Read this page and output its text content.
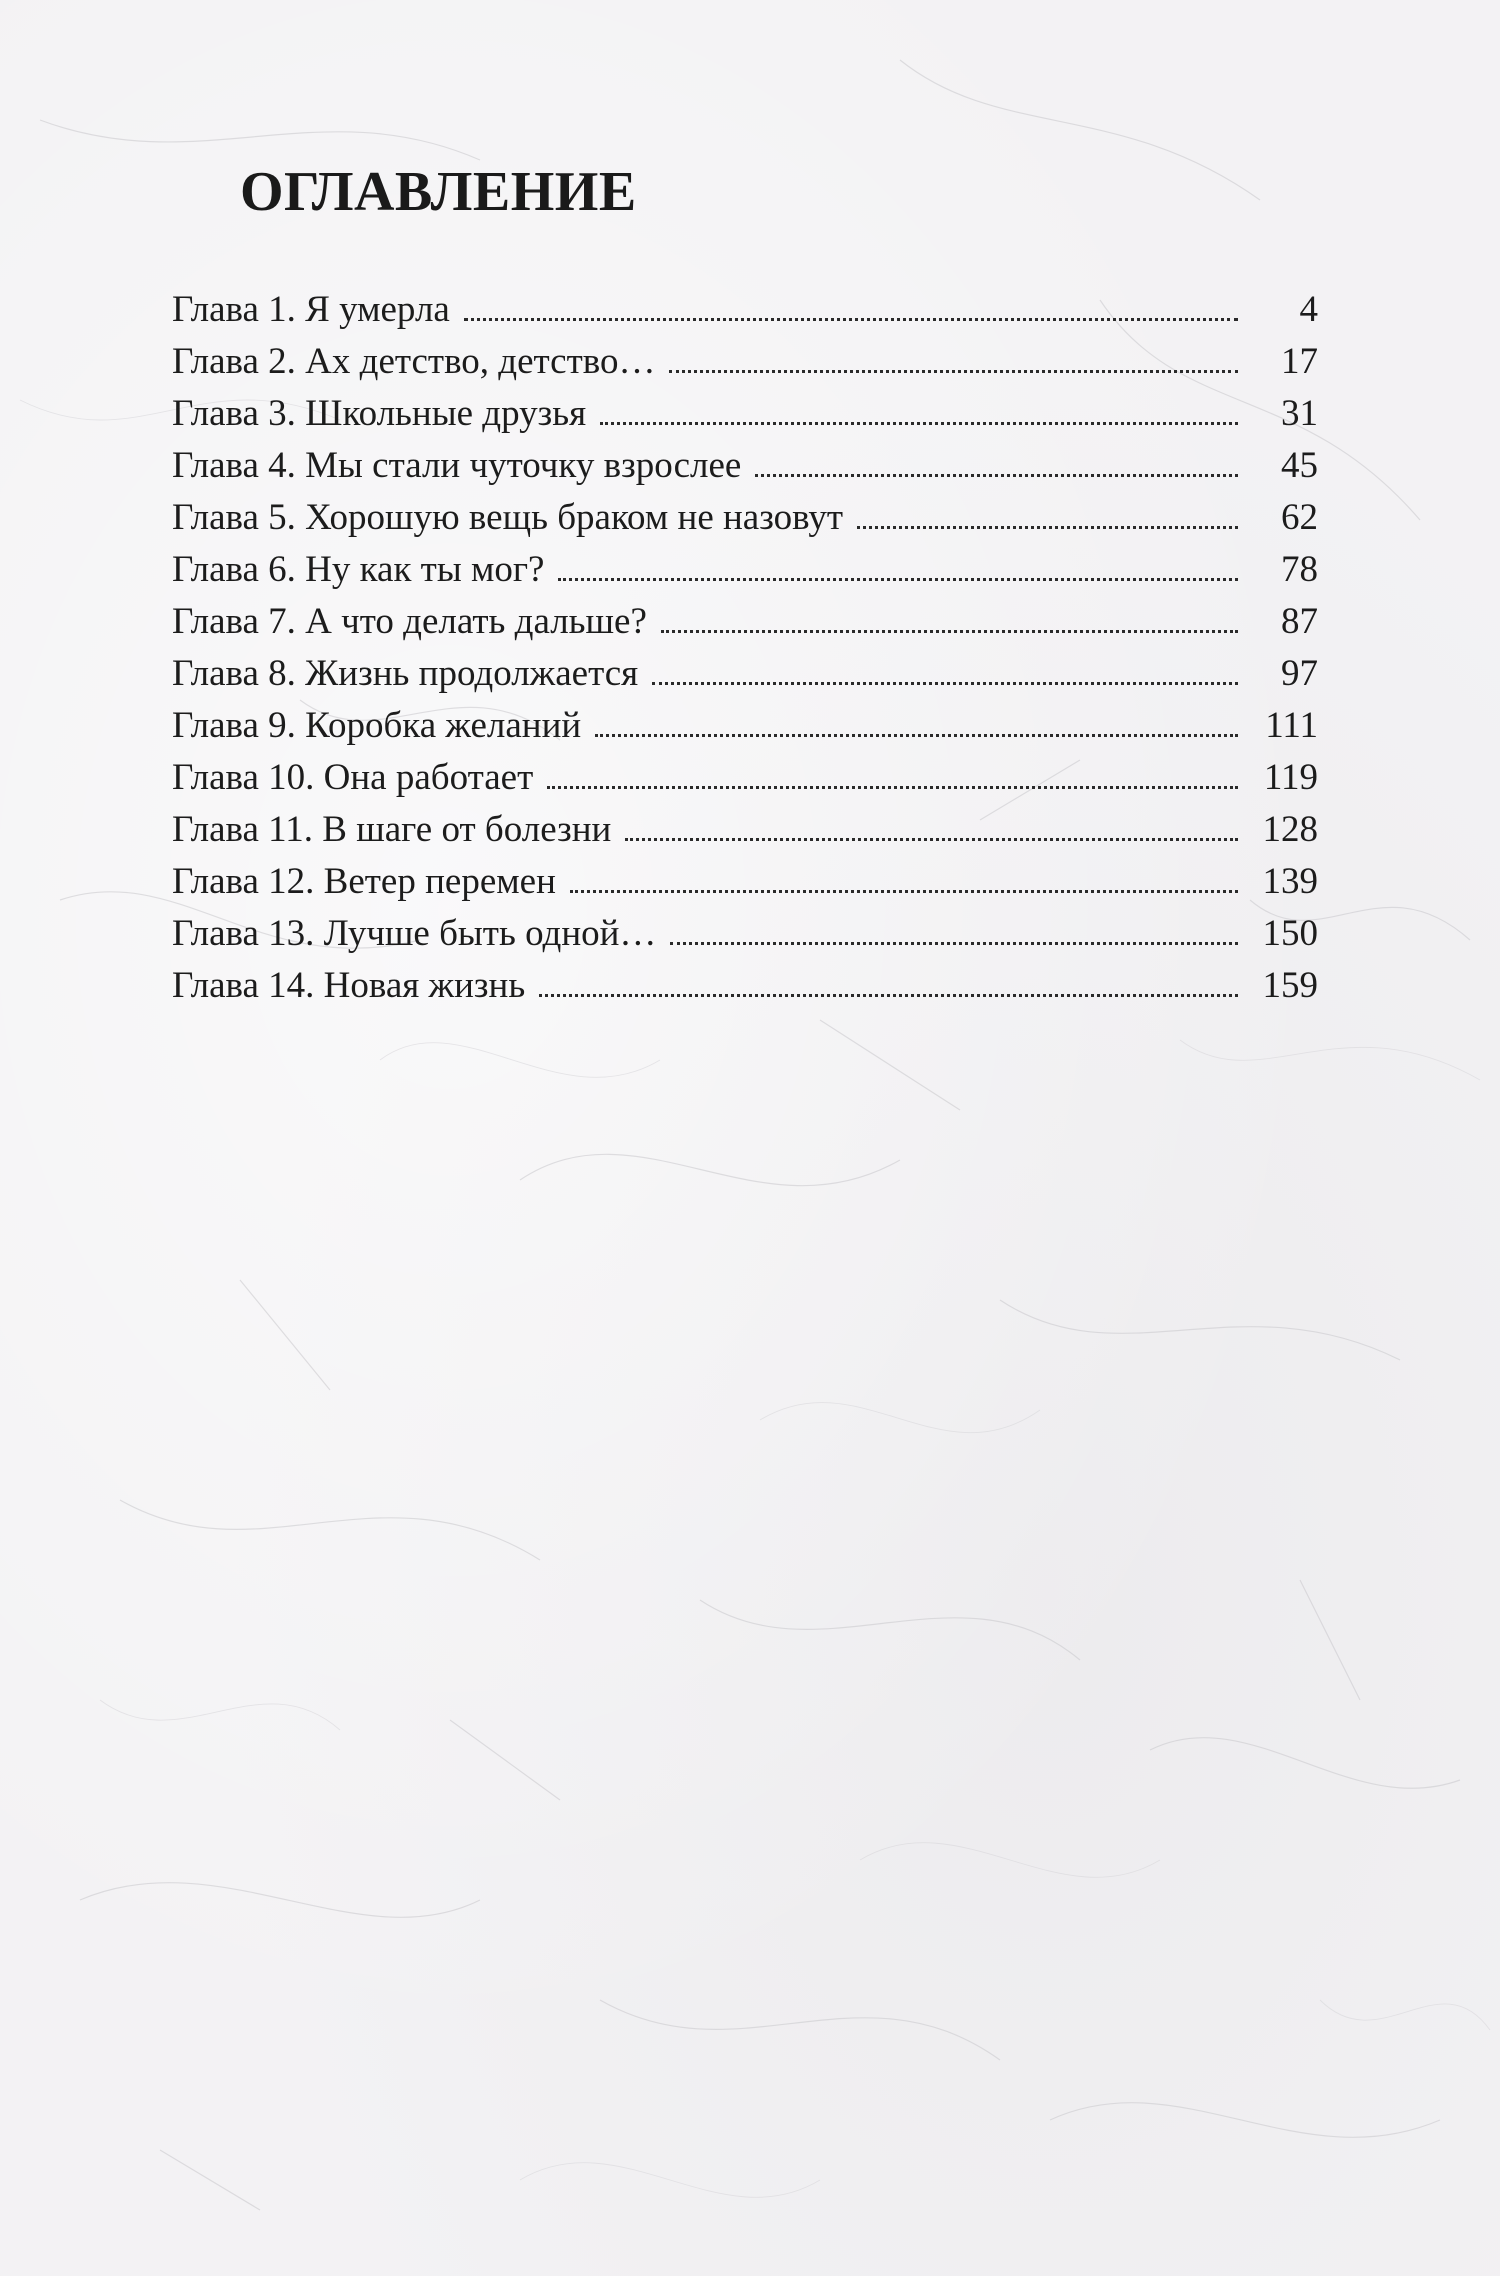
ОГЛАВЛЕНИЕ
Глава 1. Я умерла	4
Глава 2. Ах детство, детство…	17
Глава 3. Школьные друзья	31
Глава 4. Мы стали чуточку взрослее	45
Глава 5. Хорошую вещь браком не назовут	62
Глава 6. Ну как ты мог?	78
Глава 7. А что делать дальше?	87
Глава 8. Жизнь продолжается	97
Глава 9. Коробка желаний	111
Глава 10. Она работает	119
Глава 11. В шаге от болезни	128
Глава 12. Ветер перемен	139
Глава 13. Лучше быть одной…	150
Глава 14. Новая жизнь	159
